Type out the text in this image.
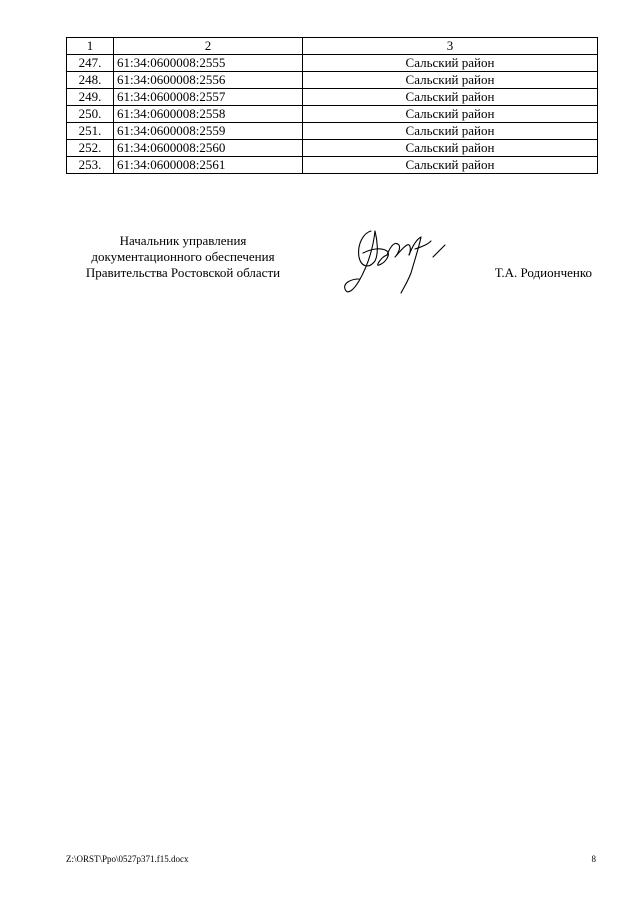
1	2	3
247.	61:34:0600008:2555	Сальский район
248.	61:34:0600008:2556	Сальский район
249.	61:34:0600008:2557	Сальский район
250.	61:34:0600008:2558	Сальский район
251.	61:34:0600008:2559	Сальский район
252.	61:34:0600008:2560	Сальский район
253.	61:34:0600008:2561	Сальский район
Начальник управления
документационного обеспечения
Правительства Ростовской области	Т.А. Родионченко
Z:\ORST\Ppo\0527p371.f15.docx	8
